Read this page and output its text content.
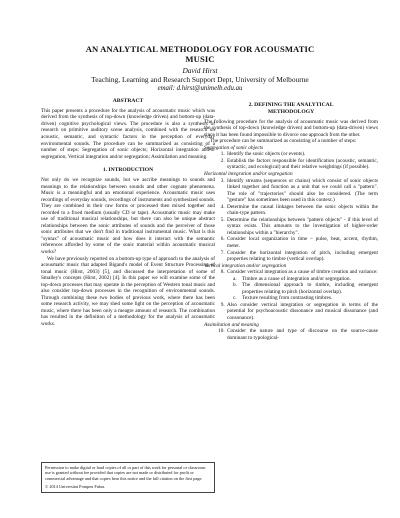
AN ANALYTICAL METHODOLOGY FOR ACOUSMATIC
MUSIC
David Hirst
Teaching, Learning and Research Support Dept, University of Melbourne
email: d.hirst@unimelb.edu.au
ABSTRACT

This paper presents a procedure for the analysis of acousmatic music which was derived from the synthesis of top-down (knowledge driven) and bottom-up (data-driven) cognitive psychological views. The procedure is also a synthesis of research on primitive auditory scene analysis, combined with the research on acoustic, semantic, and syntactic factors in the perception of everyday environmental sounds. The procedure can be summarized as consisting of a number of steps: Segregation of sonic objects; Horizontal integration and/or segregation; Vertical integration and/or segregation; Assimilation and meaning.

1. INTRODUCTION

Not only do we recognize sounds, but we ascribe meanings to sounds and meanings to the relationships between sounds and other cognate phenomena. Music is a meaningful and an emotional experience. Acousmatic music uses recordings of everyday sounds, recordings of instruments and synthesized sounds. They are combined in their raw forms or processed then mixed together and recorded to a fixed medium (usually CD or tape). Acousmatic music may make use of traditional musical relationships, but there can also be unique abstract relationships between the sonic attributes of sounds and the perceiver of those sonic attributes that we don't find in traditional instrumental music. What is this "syntax" of acousmatic music and how does it interact with the semantic references afforded by some of the sonic material within acousmatic musical works?

We have previously reported on a bottom-up type of approach to the analysis of acousmatic music that adapted Bigand's model of Event Structure Processing of tonal music (Hirst, 2003) [5], and discussed the interpretation of some of Smalley's concepts (Hirst, 2002) [4]. In this paper we will examine some of the top-down processes that may operate in the perception of Western tonal music and also consider top-down processes in the recognition of environmental sounds. Through combining these two bodies of previous work, where there has been some research activity, we may shed some light on the perception of acousmatic music, where there has been only a meagre amount of research. The combination has resulted in the definition of a methodology for the analysis of acousmatic works.

Permission to make digital or hard copies of all or part of this work for personal or classroom use is granted without fee provided that copies are not made or distributed for profit or commercial advantage and that copies bear this notice and the full citation on the first page.
© 2014 Universitat Pompeu Fabra.
2. DEFINING THE ANALYTICAL
METHODOLOGY

The following procedure for the analysis of acousmatic music was derived from the synthesis of top-down (knowledge driven) and bottom-up (data-driven) views since it has been found impossible to divorce one approach from the other.

The procedure can be summarized as consisting of a number of steps:

Segregation of sonic objects

1. Identify the sonic objects (or events).
2. Establish the factors responsible for identification (acoustic, semantic, syntactic, and ecological) and their relative weightings (if possible).

Horizontal integration and/or segregation

3. Identify streams (sequences or chains) which consist of sonic objects linked together and function as a unit that we could call a "pattern". The role of "trajectories" should also be considered. (The term "gesture" has sometimes been used in this context.)
4. Determine the causal linkages between the sonic objects within the chain-type pattern.
5. Determine the relationships between "pattern objects" - if this level of syntax exists. This amounts to the investigation of higher-order relationships within a "hierarchy".
6. Consider local organization in time – pulse, beat, accent, rhythm, meter.
7. Consider the horizontal integration of pitch, including emergent properties relating to timbre (vertical overlap).

Vertical integration and/or segregation

8. Consider vertical integration as a cause of timbre creation and variance:
a. Timbre as a cause of integration and/or segregation.
b. The dimensional approach to timbre, including emergent properties relating to pitch (horizontal overlap).
c. Texture resulting from contrasting timbres.
9. Also consider vertical integration or segregation in terms of the potential for psychoacoustic dissonance and musical dissonance (and consonance).

Assimilation and meaning

10. Consider the nature and type of discourse on the source-cause dominant to typological-
